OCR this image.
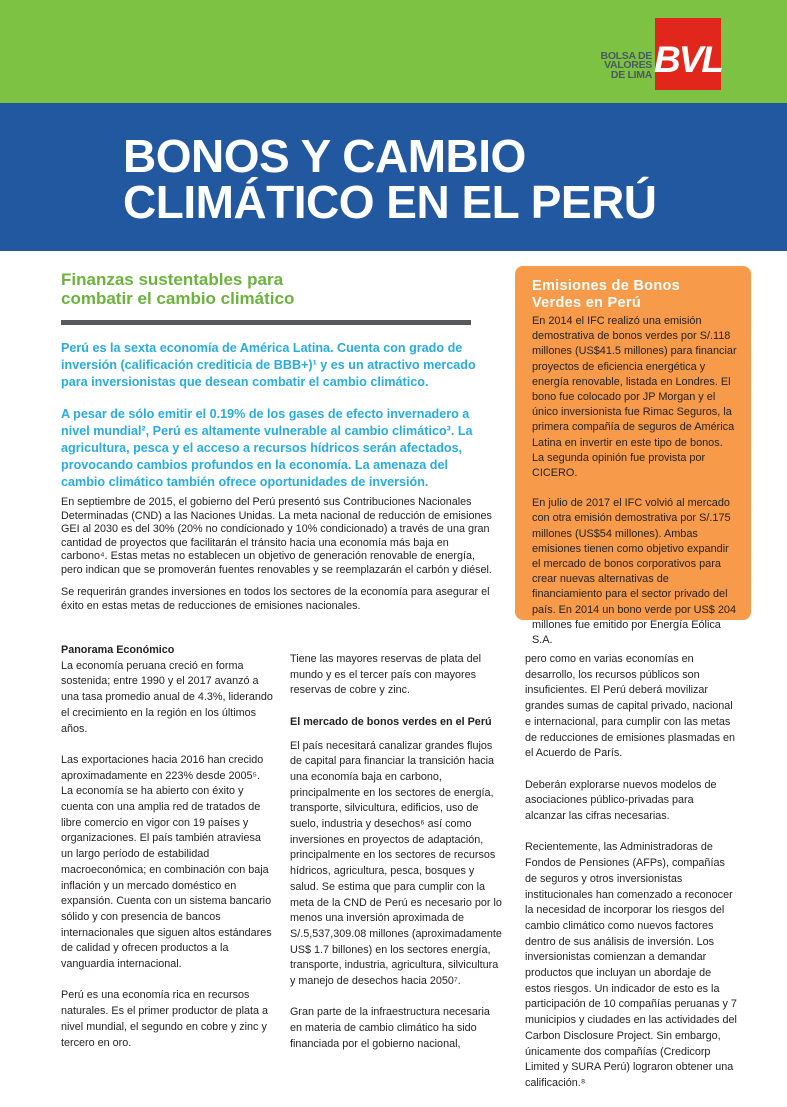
BOLSA DE
VALORES
DE LIMA BVL
BONOS Y CAMBIO
CLIMÁTICO EN EL PERÚ
Finanzas sustentables para
combatir el cambio climático

Perú es la sexta economía de América Latina. Cuenta con grado de inversión (calificación crediticia de BBB+)¹ y es un atractivo mercado para inversionistas que desean combatir el cambio climático.

A pesar de sólo emitir el 0.19% de los gases de efecto invernadero a nivel mundial², Perú es altamente vulnerable al cambio climático³. La agricultura, pesca y el acceso a recursos hídricos serán afectados, provocando cambios profundos en la economía. La amenaza del cambio climático también ofrece oportunidades de inversión.

En septiembre de 2015, el gobierno del Perú presentó sus Contribuciones Nacionales Determinadas (CND) a las Naciones Unidas. La meta nacional de reducción de emisiones GEI al 2030 es del 30% (20% no condicionado y 10% condicionado) a través de una gran cantidad de proyectos que facilitarán el tránsito hacia una economía más baja en carbono⁴. Estas metas no establecen un objetivo de generación renovable de energía, pero indican que se promoverán fuentes renovables y se reemplazarán el carbón y diésel.

Se requerirán grandes inversiones en todos los sectores de la economía para asegurar el éxito en estas metas de reducciones de emisiones nacionales.

Emisiones de Bonos
Verdes en Perú

En 2014 el IFC realizó una emisión demostrativa de bonos verdes por S/.118 millones (US$41.5 millones) para financiar proyectos de eficiencia energética y energía renovable, listada en Londres. El bono fue colocado por JP Morgan y el único inversionista fue Rimac Seguros, la primera compañía de seguros de América Latina en invertir en este tipo de bonos. La segunda opinión fue provista por CICERO.

En julio de 2017 el IFC volvió al mercado con otra emisión demostrativa por S/.175 millones (US$54 millones). Ambas emisiones tienen como objetivo expandir el mercado de bonos corporativos para crear nuevas alternativas de financiamiento para el sector privado del país. En 2014 un bono verde por US$ 204 millones fue emitido por Energía Eólica S.A.

Panorama Económico

La economía peruana creció en forma sostenida; entre 1990 y el 2017 avanzó a una tasa promedio anual de 4.3%, liderando el crecimiento en la región en los últimos años.

Las exportaciones hacia 2016 han crecido aproximadamente en 223% desde 2005⁵. La economía se ha abierto con éxito y cuenta con una amplia red de tratados de libre comercio en vigor con 19 países y organizaciones. El país también atraviesa un largo período de estabilidad macroeconómica; en combinación con baja inflación y un mercado doméstico en expansión. Cuenta con un sistema bancario sólido y con presencia de bancos internacionales que siguen altos estándares de calidad y ofrecen productos a la vanguardia internacional.

Perú es una economía rica en recursos naturales. Es el primer productor de plata a nivel mundial, el segundo en cobre y zinc y tercero en oro.

Tiene las mayores reservas de plata del mundo y es el tercer país con mayores reservas de cobre y zinc.

El mercado de bonos verdes en el Perú

El país necesitará canalizar grandes flujos de capital para financiar la transición hacia una economía baja en carbono, principalmente en los sectores de energía, transporte, silvicultura, edificios, uso de suelo, industria y desechos⁶ así como inversiones en proyectos de adaptación, principalmente en los sectores de recursos hídricos, agricultura, pesca, bosques y salud. Se estima que para cumplir con la meta de la CND de Perú es necesario por lo menos una inversión aproximada de S/.5,537,309.08 millones (aproximadamente US$ 1.7 billones) en los sectores energía, transporte, industria, agricultura, silvicultura y manejo de desechos hacia 2050⁷.

Gran parte de la infraestructura necesaria en materia de cambio climático ha sido financiada por el gobierno nacional,

pero como en varias economías en desarrollo, los recursos públicos son insuficientes. El Perú deberá movilizar grandes sumas de capital privado, nacional e internacional, para cumplir con las metas de reducciones de emisiones plasmadas en el Acuerdo de París.

Deberán explorarse nuevos modelos de asociaciones público-privadas para alcanzar las cifras necesarias.

Recientemente, las Administradoras de Fondos de Pensiones (AFPs), compañías de seguros y otros inversionistas institucionales han comenzado a reconocer la necesidad de incorporar los riesgos del cambio climático como nuevos factores dentro de sus análisis de inversión. Los inversionistas comienzan a demandar productos que incluyan un abordaje de estos riesgos. Un indicador de esto es la participación de 10 compañías peruanas y 7 municipios y ciudades en las actividades del Carbon Disclosure Project. Sin embargo, únicamente dos compañías (Credicorp Limited y SURA Perú) lograron obtener una calificación.⁸
